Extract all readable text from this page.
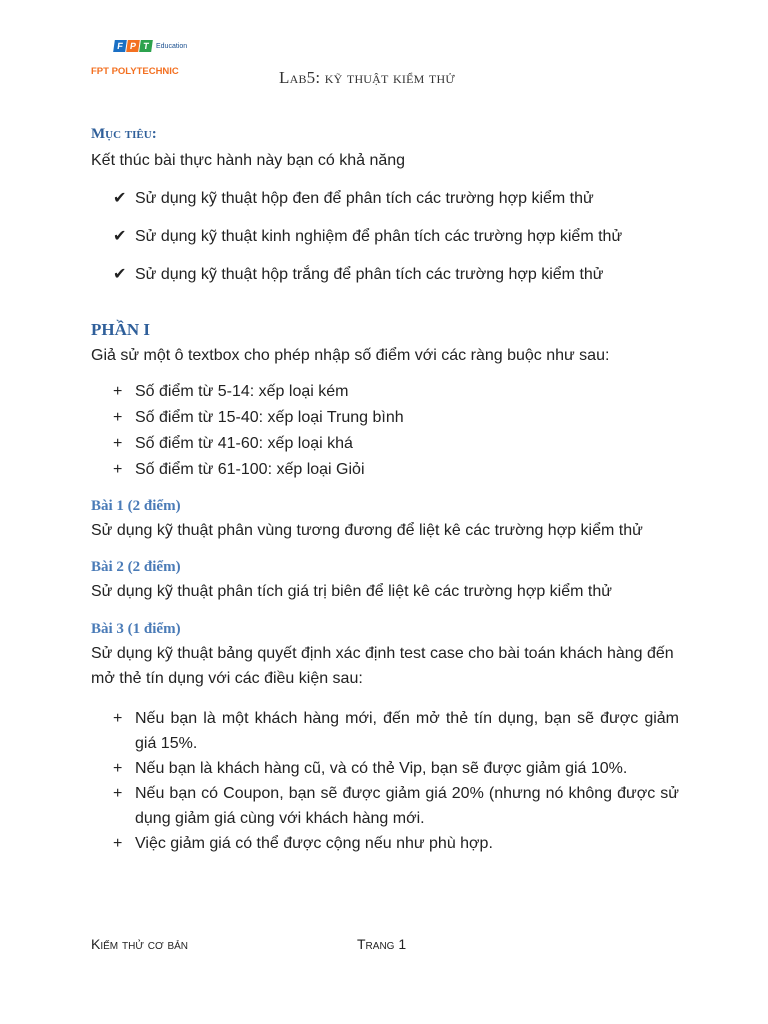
F P T Education
FPT POLYTECHNIC	Lab5: kỹ thuật kiểm thử
Mục tiêu:
Kết thúc bài thực hành này bạn có khả năng
✔ Sử dụng kỹ thuật hộp đen để phân tích các trường hợp kiểm thử
✔ Sử dụng kỹ thuật kinh nghiệm để phân tích các trường hợp kiểm thử
✔ Sử dụng kỹ thuật hộp trắng để phân tích các trường hợp kiểm thử
PHẦN I
Giả sử một ô textbox cho phép nhập số điểm với các ràng buộc như sau:
+ Số điểm từ 5-14: xếp loại kém
+ Số điểm từ 15-40: xếp loại Trung bình
+ Số điểm từ 41-60: xếp loại khá
+ Số điểm từ 61-100: xếp loại Giỏi
Bài 1 (2 điểm)
Sử dụng kỹ thuật phân vùng tương đương để liệt kê các trường hợp kiểm thử
Bài 2 (2 điểm)
Sử dụng kỹ thuật phân tích giá trị biên để liệt kê các trường hợp kiểm thử
Bài 3 (1 điểm)
Sử dụng kỹ thuật bảng quyết định xác định test case cho bài toán khách hàng đến mở thẻ tín dụng với các điều kiện sau:
+ Nếu bạn là một khách hàng mới, đến mở thẻ tín dụng, bạn sẽ được giảm giá 15%.
+ Nếu bạn là khách hàng cũ, và có thẻ Vip, bạn sẽ được giảm giá 10%.
+ Nếu bạn có Coupon, bạn sẽ được giảm giá 20% (nhưng nó không được sử dụng giảm giá cùng với khách hàng mới.
+ Việc giảm giá có thể được cộng nếu như phù hợp.
Kiếm thử cơ bản	Trang 1
